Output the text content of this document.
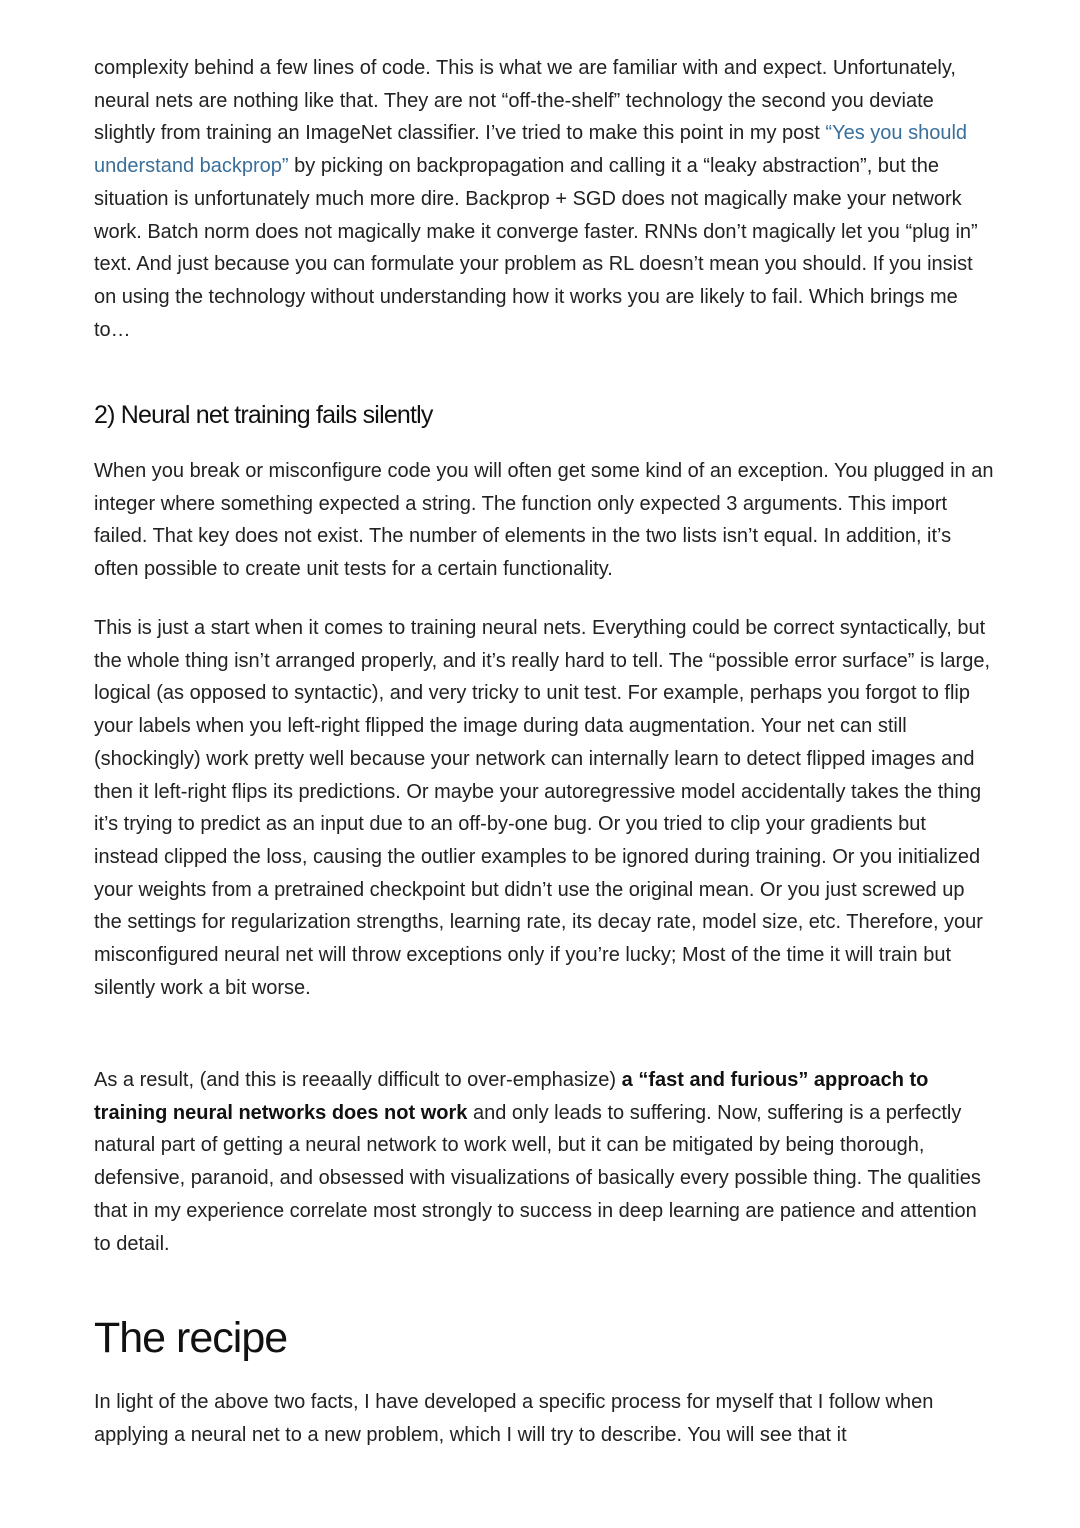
complexity behind a few lines of code. This is what we are familiar with and expect. Unfortunately, neural nets are nothing like that. They are not “off-the-shelf” technology the second you deviate slightly from training an ImageNet classifier. I’ve tried to make this point in my post “Yes you should understand backprop” by picking on backpropagation and calling it a “leaky abstraction”, but the situation is unfortunately much more dire. Backprop + SGD does not magically make your network work. Batch norm does not magically make it converge faster. RNNs don’t magically let you “plug in” text. And just because you can formulate your problem as RL doesn’t mean you should. If you insist on using the technology without understanding how it works you are likely to fail. Which brings me to…

2) Neural net training fails silently

When you break or misconfigure code you will often get some kind of an exception. You plugged in an integer where something expected a string. The function only expected 3 arguments. This import failed. That key does not exist. The number of elements in the two lists isn’t equal. In addition, it’s often possible to create unit tests for a certain functionality.

This is just a start when it comes to training neural nets. Everything could be correct syntactically, but the whole thing isn’t arranged properly, and it’s really hard to tell. The “possible error surface” is large, logical (as opposed to syntactic), and very tricky to unit test. For example, perhaps you forgot to flip your labels when you left-right flipped the image during data augmentation. Your net can still (shockingly) work pretty well because your network can internally learn to detect flipped images and then it left-right flips its predictions. Or maybe your autoregressive model accidentally takes the thing it’s trying to predict as an input due to an off-by-one bug. Or you tried to clip your gradients but instead clipped the loss, causing the outlier examples to be ignored during training. Or you initialized your weights from a pretrained checkpoint but didn’t use the original mean. Or you just screwed up the settings for regularization strengths, learning rate, its decay rate, model size, etc. Therefore, your misconfigured neural net will throw exceptions only if you’re lucky; Most of the time it will train but silently work a bit worse.

As a result, (and this is reeaally difficult to over-emphasize) a “fast and furious” approach to training neural networks does not work and only leads to suffering. Now, suffering is a perfectly natural part of getting a neural network to work well, but it can be mitigated by being thorough, defensive, paranoid, and obsessed with visualizations of basically every possible thing. The qualities that in my experience correlate most strongly to success in deep learning are patience and attention to detail.

The recipe

In light of the above two facts, I have developed a specific process for myself that I follow when applying a neural net to a new problem, which I will try to describe. You will see that it
